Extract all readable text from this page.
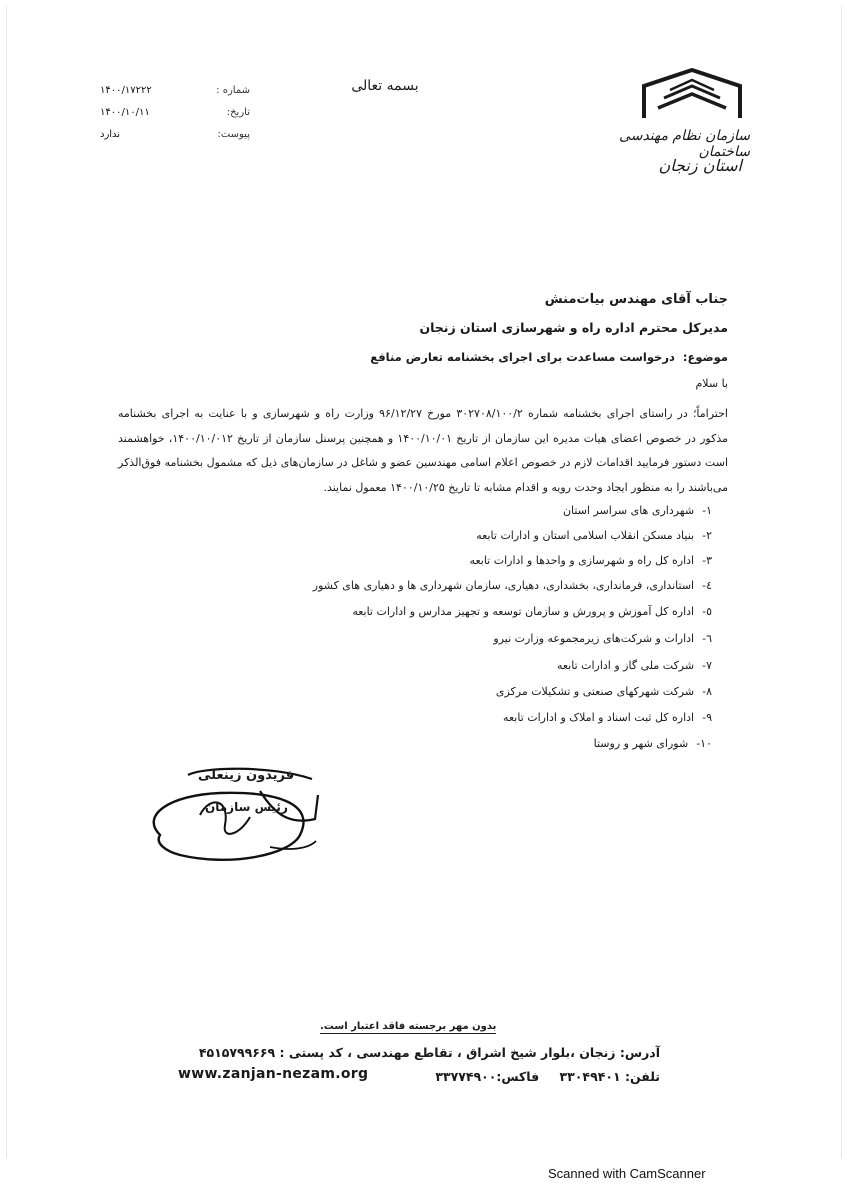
سازمان نظام مهندسی ساختمان
استان زنجان
بسمه تعالی
شماره :
۱۴۰۰/۱۷۲۲۲
تاریخ:
۱۴۰۰/۱۰/۱۱
پیوست:
ندارد
جناب آقای مهندس بیات‌منش
مدیرکل محترم اداره راه و شهرسازی استان زنجان
موضوع: درخواست مساعدت برای اجرای بخشنامه تعارض منافع
با سلام
احتراماً؛ در راستای اجرای بخشنامه شماره ۳۰۲۷۰۸/۱۰۰/۲ مورخ ۹۶/۱۲/۲۷ وزارت راه و شهرسازی و با عنایت به اجرای بخشنامه مذکور در خصوص اعضای هیات مدیره این سازمان از تاریخ ۱۴۰۰/۱۰/۰۱ و همچنین پرسنل سازمان از تاریخ ۱۴۰۰/۱۰/۰۱۲، خواهشمند است دستور فرمایید اقدامات لازم در خصوص اعلام اسامی مهندسین عضو و شاغل در سازمان‌های ذیل که مشمول بخشنامه فوق‌الذکر می‌باشند را به منظور ایجاد وحدت رویه و اقدام مشابه تا تاریخ ۱۴۰۰/۱۰/۲۵ معمول نمایند.
۱-شهرداری های سراسر استان
۲-بنیاد مسکن انقلاب اسلامی استان و ادارات تابعه
۳-اداره کل راه و شهرسازی و واحدها و ادارات تابعه
٤-استانداری، فرمانداری، بخشداری، دهیاری، سازمان شهرداری ها و دهیاری های کشور
٥-اداره کل آموزش و پرورش و سازمان توسعه و تجهیز مدارس و ادارات تابعه
٦-ادارات و شرکت‌های زیرمجموعه وزارت نیرو
۷-شرکت ملی گاز و ادارات تابعه
۸-شرکت شهرکهای صنعتی و تشکیلات مرکزی
۹-اداره کل ثبت اسناد و املاک و ادارات تابعه
۱۰-شورای شهر و روستا
فریدون زینعلی
رئیس سازمان
بدون مهر برجسته فاقد اعتبار است.
آدرس: زنجان ،بلوار شیخ اشراق ، تقاطع مهندسی ، کد پستی : ۴۵۱۵۷۹۹۶۶۹
تلفن: ۳۳۰۴۹۴۰۱ فاکس:۳۳۷۷۴۹۰۰
www.zanjan-nezam.org
Scanned with CamScanner
